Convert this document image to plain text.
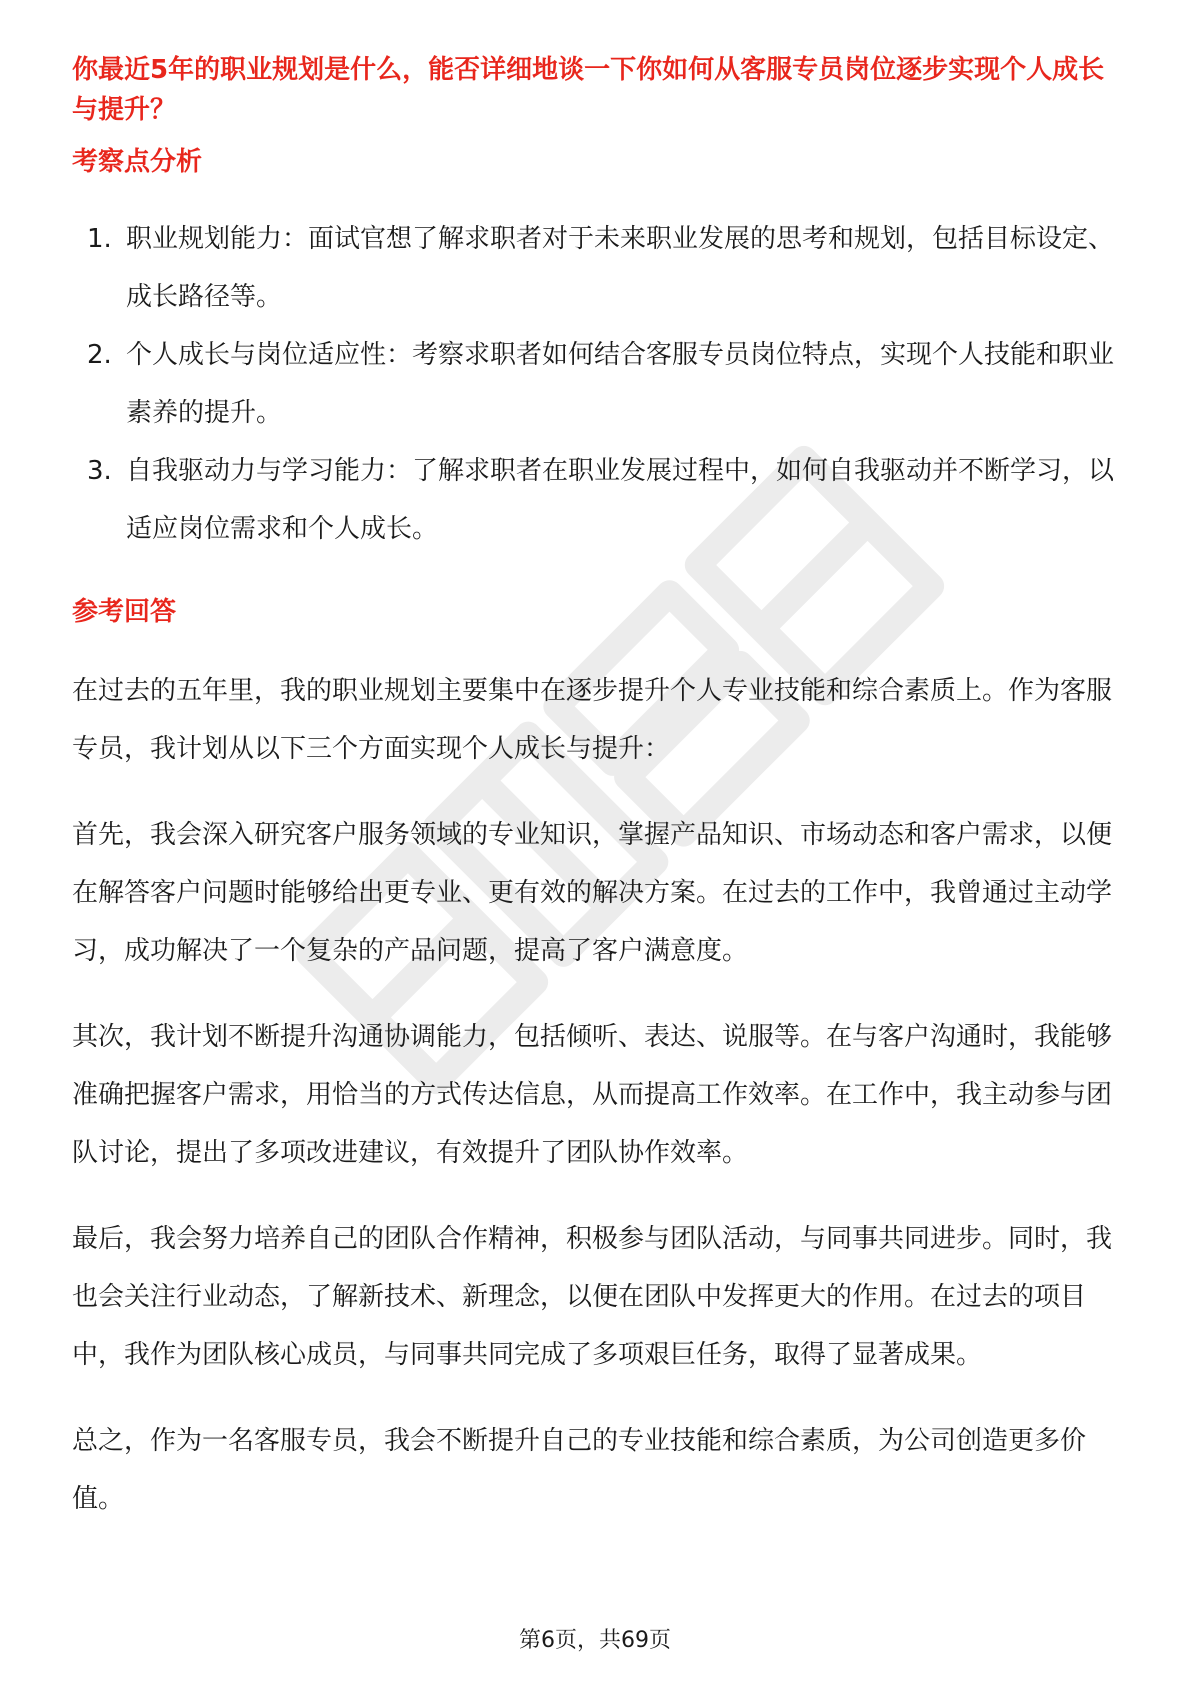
你最近5年的职业规划是什么，能否详细地谈一下你如何从客服专员岗位逐步实现个人成长与提升？

考察点分析

1. 职业规划能力：面试官想了解求职者对于未来职业发展的思考和规划，包括目标设定、成长路径等。
2. 个人成长与岗位适应性：考察求职者如何结合客服专员岗位特点，实现个人技能和职业素养的提升。
3. 自我驱动力与学习能力：了解求职者在职业发展过程中，如何自我驱动并不断学习，以适应岗位需求和个人成长。

参考回答

在过去的五年里，我的职业规划主要集中在逐步提升个人专业技能和综合素质上。作为客服专员，我计划从以下三个方面实现个人成长与提升：

首先，我会深入研究客户服务领域的专业知识，掌握产品知识、市场动态和客户需求，以便在解答客户问题时能够给出更专业、更有效的解决方案。在过去的工作中，我曾通过主动学习，成功解决了一个复杂的产品问题，提高了客户满意度。

其次，我计划不断提升沟通协调能力，包括倾听、表达、说服等。在与客户沟通时，我能够准确把握客户需求，用恰当的方式传达信息，从而提高工作效率。在工作中，我主动参与团队讨论，提出了多项改进建议，有效提升了团队协作效率。

最后，我会努力培养自己的团队合作精神，积极参与团队活动，与同事共同进步。同时，我也会关注行业动态，了解新技术、新理念，以便在团队中发挥更大的作用。在过去的项目中，我作为团队核心成员，与同事共同完成了多项艰巨任务，取得了显著成果。

总之，作为一名客服专员，我会不断提升自己的专业技能和综合素质，为公司创造更多价值。

第6页，共69页
